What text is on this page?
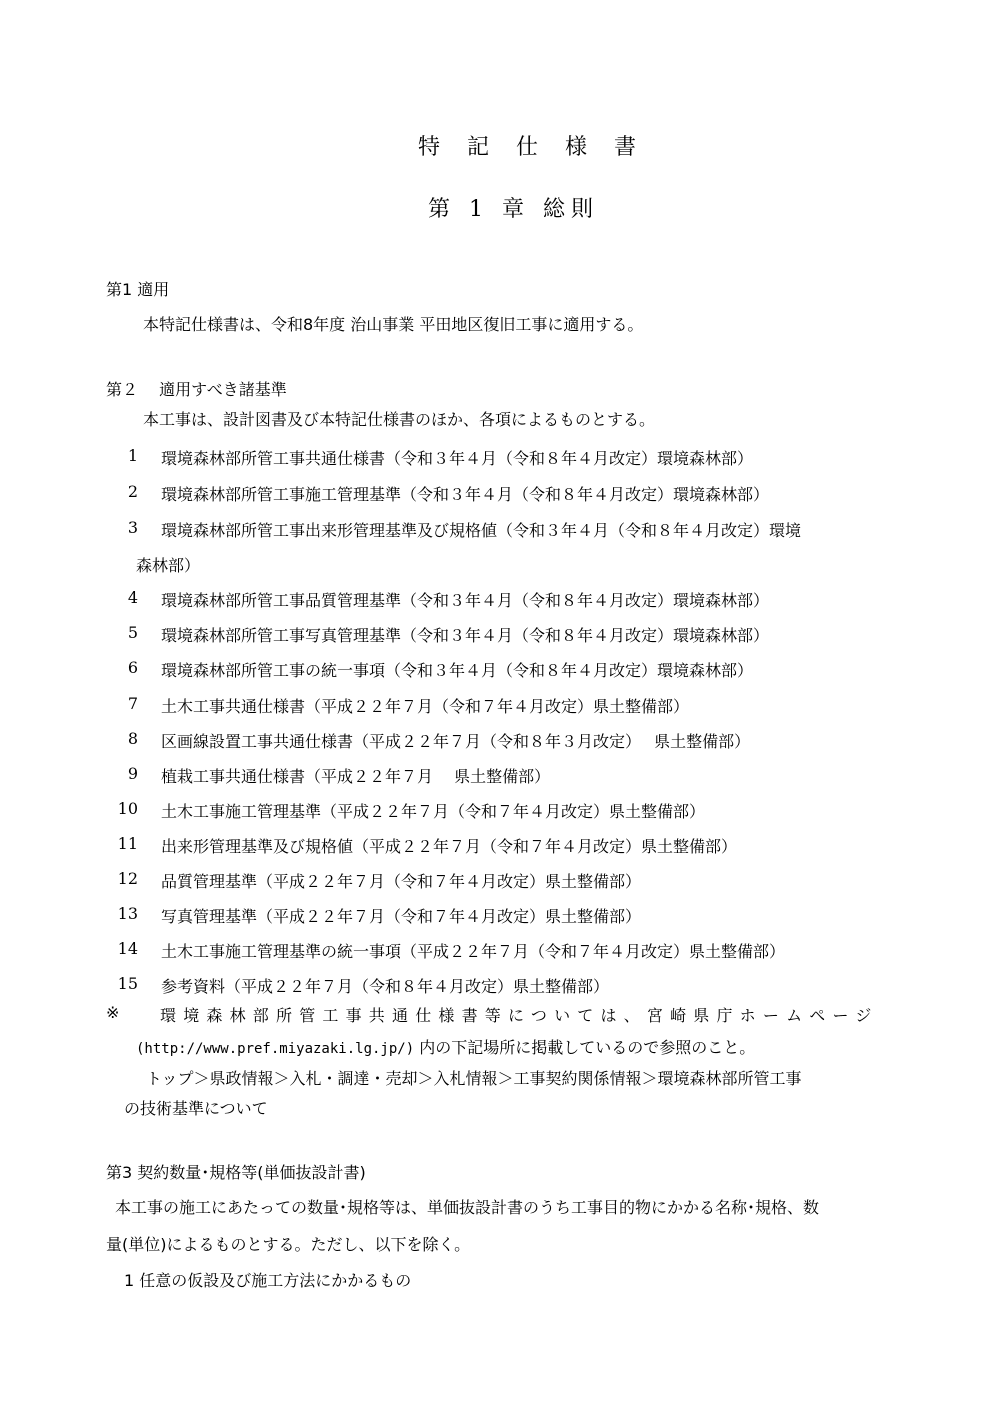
特 記 仕 様 書
第 1 章 総則
第1 適用
本特記仕様書は、令和8年度 治山事業 平田地区復旧工事に適用する。
第２　 適用すべき諸基準
本工事は、設計図書及び本特記仕様書のほか、各項によるものとする。
1 環境森林部所管工事共通仕様書（令和３年４月（令和８年４月改定）環境森林部）
2 環境森林部所管工事施工管理基準（令和３年４月（令和８年４月改定）環境森林部）
3 環境森林部所管工事出来形管理基準及び規格値（令和３年４月（令和８年４月改定）環境
森林部）
4 環境森林部所管工事品質管理基準（令和３年４月（令和８年４月改定）環境森林部）
5 環境森林部所管工事写真管理基準（令和３年４月（令和８年４月改定）環境森林部）
6 環境森林部所管工事の統一事項（令和３年４月（令和８年４月改定）環境森林部）
7 土木工事共通仕様書（平成２２年７月（令和７年４月改定）県土整備部）
8 区画線設置工事共通仕様書（平成２２年７月（令和８年３月改定）　 県土整備部）
9 植栽工事共通仕様書（平成２２年７月　 県土整備部）
10 土木工事施工管理基準（平成２２年７月（令和７年４月改定）県土整備部）
11 出来形管理基準及び規格値（平成２２年７月（令和７年４月改定）県土整備部）
12 品質管理基準（平成２２年７月（令和７年４月改定）県土整備部）
13 写真管理基準（平成２２年７月（令和７年４月改定）県土整備部）
14 土木工事施工管理基準の統一事項（平成２２年７月（令和７年４月改定）県土整備部）
15 参考資料（平成２２年７月（令和８年４月改定）県土整備部）
※	環境森林部所管工事共通仕様書等については、宮崎県庁ホームページ
(http://www.pref.miyazaki.lg.jp/) 内の下記場所に掲載しているので参照のこと。
トップ＞県政情報＞入札・調達・売却＞入札情報＞工事契約関係情報＞環境森林部所管工事
の技術基準について
第3 契約数量･規格等(単価抜設計書)
本工事の施工にあたっての数量･規格等は、単価抜設計書のうち工事目的物にかかる名称･規格、数
量(単位)によるものとする。ただし、以下を除く。
1 任意の仮設及び施工方法にかかるもの
